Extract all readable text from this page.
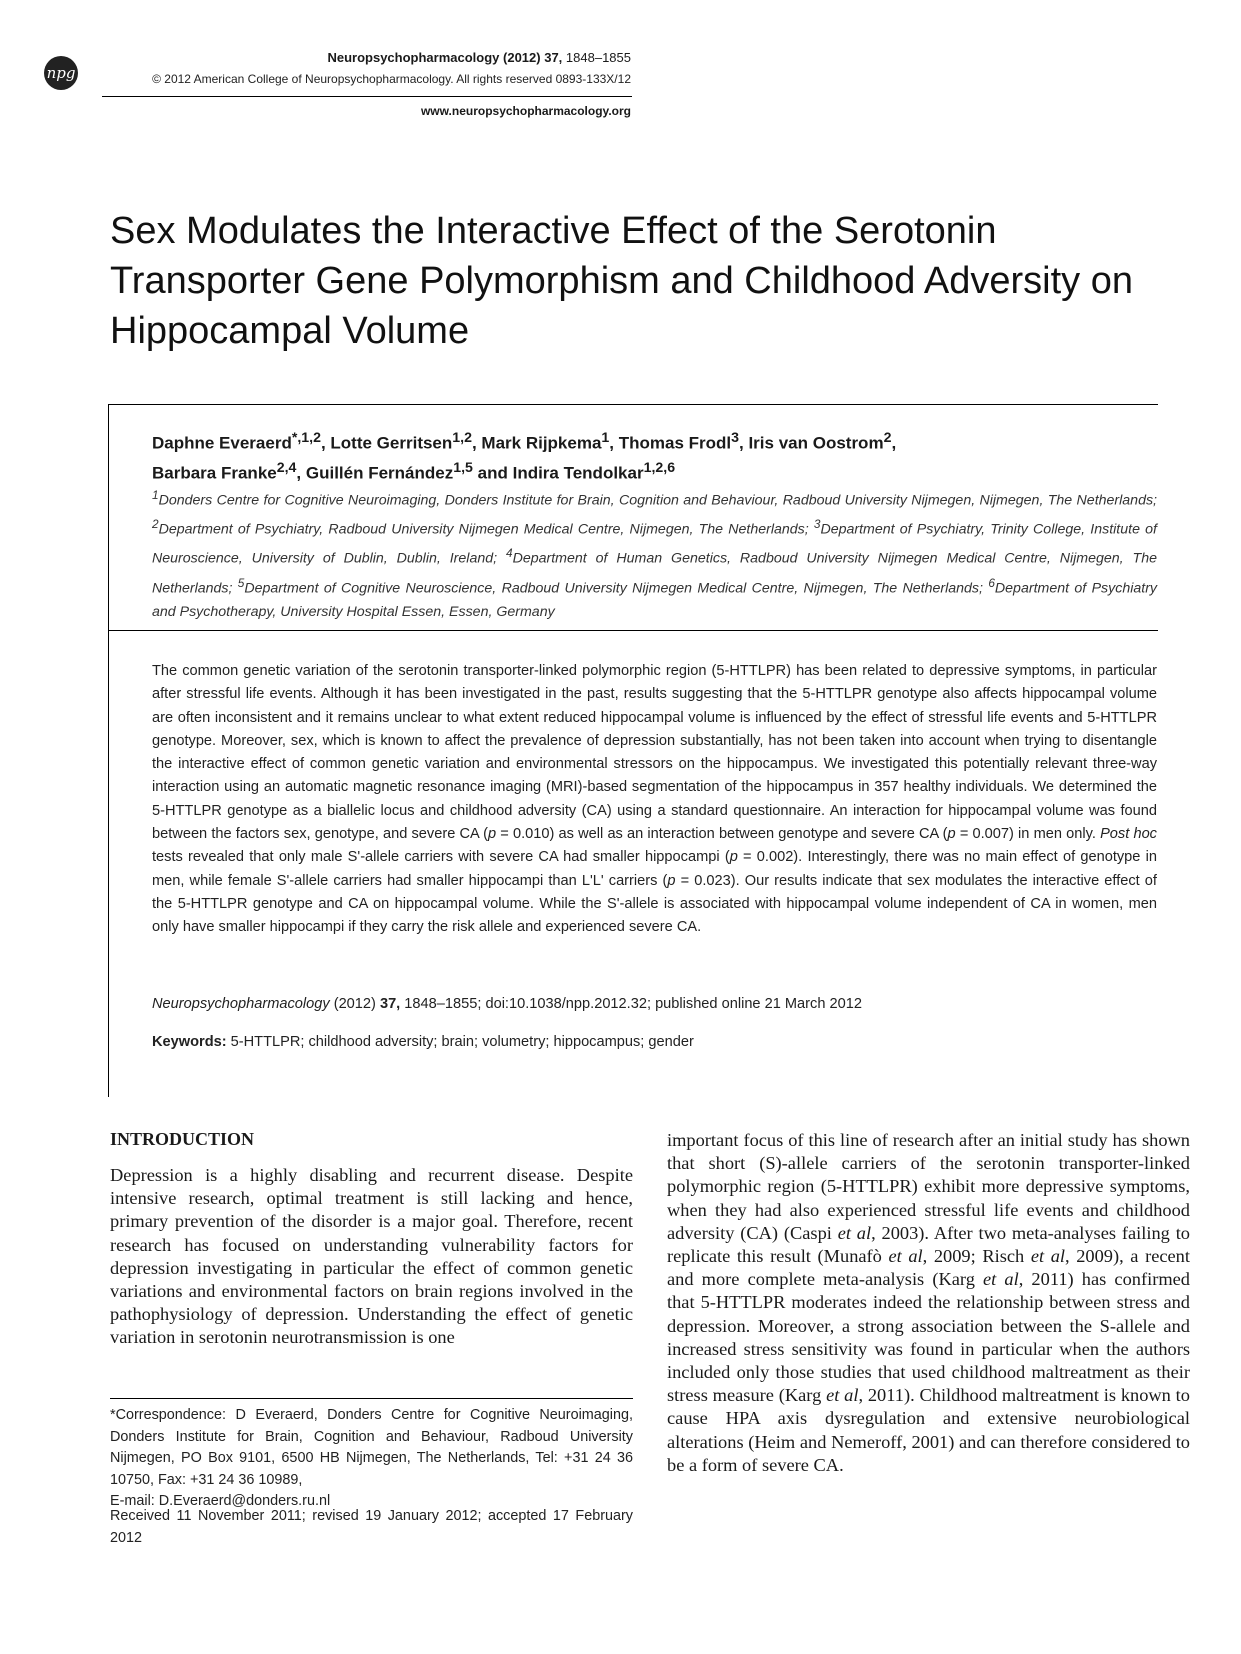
npg
Neuropsychopharmacology (2012) 37, 1848–1855
© 2012 American College of Neuropsychopharmacology. All rights reserved 0893-133X/12
www.neuropsychopharmacology.org
Sex Modulates the Interactive Effect of the Serotonin Transporter Gene Polymorphism and Childhood Adversity on Hippocampal Volume
Daphne Everaerd$^{*,1,2}$, Lotte Gerritsen$^{1,2}$, Mark Rijpkema$^1$, Thomas Frodl$^3$, Iris van Oostrom$^2$,
Barbara Franke$^{2,4}$, Guillén Fernández$^{1,5}$ and Indira Tendolkar$^{1,2,6}$
$^1$Donders Centre for Cognitive Neuroimaging, Donders Institute for Brain, Cognition and Behaviour, Radboud University Nijmegen, Nijmegen, The Netherlands; $^2$Department of Psychiatry, Radboud University Nijmegen Medical Centre, Nijmegen, The Netherlands; $^3$Department of Psychiatry, Trinity College, Institute of Neuroscience, University of Dublin, Dublin, Ireland; $^4$Department of Human Genetics, Radboud University Nijmegen Medical Centre, Nijmegen, The Netherlands; $^5$Department of Cognitive Neuroscience, Radboud University Nijmegen Medical Centre, Nijmegen, The Netherlands; $^6$Department of Psychiatry and Psychotherapy, University Hospital Essen, Essen, Germany
The common genetic variation of the serotonin transporter-linked polymorphic region (5-HTTLPR) has been related to depressive symptoms, in particular after stressful life events. Although it has been investigated in the past, results suggesting that the 5-HTTLPR genotype also affects hippocampal volume are often inconsistent and it remains unclear to what extent reduced hippocampal volume is influenced by the effect of stressful life events and 5-HTTLPR genotype. Moreover, sex, which is known to affect the prevalence of depression substantially, has not been taken into account when trying to disentangle the interactive effect of common genetic variation and environmental stressors on the hippocampus. We investigated this potentially relevant three-way interaction using an automatic magnetic resonance imaging (MRI)-based segmentation of the hippocampus in 357 healthy individuals. We determined the 5-HTTLPR genotype as a biallelic locus and childhood adversity (CA) using a standard questionnaire. An interaction for hippocampal volume was found between the factors sex, genotype, and severe CA (p = 0.010) as well as an interaction between genotype and severe CA (p = 0.007) in men only. Post hoc tests revealed that only male S'-allele carriers with severe CA had smaller hippocampi (p = 0.002). Interestingly, there was no main effect of genotype in men, while female S'-allele carriers had smaller hippocampi than L'L' carriers (p = 0.023). Our results indicate that sex modulates the interactive effect of the 5-HTTLPR genotype and CA on hippocampal volume. While the S'-allele is associated with hippocampal volume independent of CA in women, men only have smaller hippocampi if they carry the risk allele and experienced severe CA.
Neuropsychopharmacology (2012) 37, 1848–1855; doi:10.1038/npp.2012.32; published online 21 March 2012
Keywords: 5-HTTLPR; childhood adversity; brain; volumetry; hippocampus; gender
INTRODUCTION
Depression is a highly disabling and recurrent disease. Despite intensive research, optimal treatment is still lacking and hence, primary prevention of the disorder is a major goal. Therefore, recent research has focused on understanding vulnerability factors for depression investigating in particular the effect of common genetic variations and environmental factors on brain regions involved in the pathophysiology of depression. Understanding the effect of genetic variation in serotonin neurotransmission is one
*Correspondence: D Everaerd, Donders Centre for Cognitive Neuroimaging, Donders Institute for Brain, Cognition and Behaviour, Radboud University Nijmegen, PO Box 9101, 6500 HB Nijmegen, The Netherlands, Tel: +31 24 36 10750, Fax: +31 24 36 10989,
E-mail: D.Everaerd@donders.ru.nl
Received 11 November 2011; revised 19 January 2012; accepted 17 February 2012
important focus of this line of research after an initial study has shown that short (S)-allele carriers of the serotonin transporter-linked polymorphic region (5-HTTLPR) exhibit more depressive symptoms, when they had also experienced stressful life events and childhood adversity (CA) (Caspi et al, 2003). After two meta-analyses failing to replicate this result (Munafò et al, 2009; Risch et al, 2009), a recent and more complete meta-analysis (Karg et al, 2011) has confirmed that 5-HTTLPR moderates indeed the relationship between stress and depression. Moreover, a strong association between the S-allele and increased stress sensitivity was found in particular when the authors included only those studies that used childhood maltreatment as their stress measure (Karg et al, 2011). Childhood maltreatment is known to cause HPA axis dysregulation and extensive neurobiological alterations (Heim and Nemeroff, 2001) and can therefore considered to be a form of severe CA.
